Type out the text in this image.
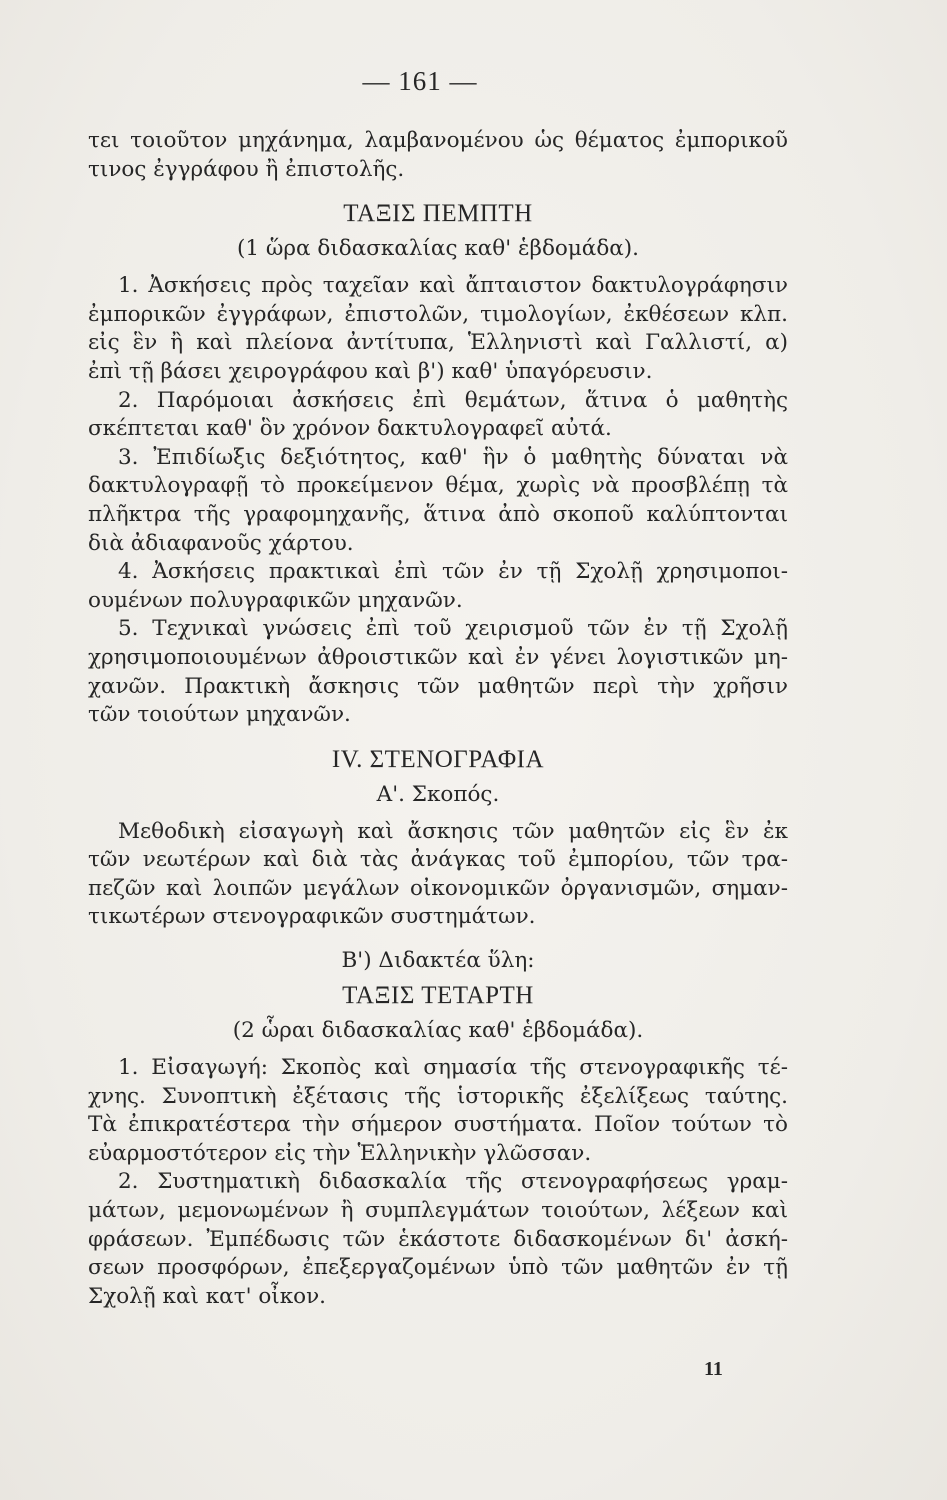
— 161 —
τει τοιοῦτον μηχάνημα, λαμβανομένου ὡς θέματος ἐμπορικοῦ
τινος ἐγγράφου ἢ ἐπιστολῆς.
ΤΑΞΙΣ ΠΕΜΠΤΗ
(1 ὥρα διδασκαλίας καθ' ἑβδομάδα).
1. Ἀσκήσεις πρὸς ταχεῖαν καὶ ἄπταιστον δακτυλογράφησιν
ἐμπορικῶν ἐγγράφων, ἐπιστολῶν, τιμολογίων, ἐκθέσεων κλπ.
εἰς ἓν ἢ καὶ πλείονα ἀντίτυπα, Ἑλληνιστὶ καὶ Γαλλιστί, α)
ἐπὶ τῇ βάσει χειρογράφου καὶ β') καθ' ὑπαγόρευσιν.
2. Παρόμοιαι ἀσκήσεις ἐπὶ θεμάτων, ἅτινα ὁ μαθητὴς
σκέπτεται καθ' ὃν χρόνον δακτυλογραφεῖ αὐτά.
3. Ἐπιδίωξις δεξιότητος, καθ' ἣν ὁ μαθητὴς δύναται νὰ
δακτυλογραφῇ τὸ προκείμενον θέμα, χωρὶς νὰ προσβλέπῃ τὰ
πλῆκτρα τῆς γραφομηχανῆς, ἅτινα ἀπὸ σκοποῦ καλύπτονται
διὰ ἀδιαφανοῦς χάρτου.
4. Ἀσκήσεις πρακτικαὶ ἐπὶ τῶν ἐν τῇ Σχολῇ χρησιμοποι-
ουμένων πολυγραφικῶν μηχανῶν.
5. Τεχνικαὶ γνώσεις ἐπὶ τοῦ χειρισμοῦ τῶν ἐν τῇ Σχολῇ
χρησιμοποιουμένων ἀθροιστικῶν καὶ ἐν γένει λογιστικῶν μη-
χανῶν. Πρακτικὴ ἄσκησις τῶν μαθητῶν περὶ τὴν χρῆσιν
τῶν τοιούτων μηχανῶν.
IV. ΣΤΕΝΟΓΡΑΦΙΑ
Α'. Σκοπός.
Μεθοδικὴ εἰσαγωγὴ καὶ ἄσκησις τῶν μαθητῶν εἰς ἓν ἐκ
τῶν νεωτέρων καὶ διὰ τὰς ἀνάγκας τοῦ ἐμπορίου, τῶν τρα-
πεζῶν καὶ λοιπῶν μεγάλων οἰκονομικῶν ὀργανισμῶν, σημαν-
τικωτέρων στενογραφικῶν συστημάτων.
Β') Διδακτέα ὕλη:
ΤΑΞΙΣ ΤΕΤΑΡΤΗ
(2 ὧραι διδασκαλίας καθ' ἑβδομάδα).
1. Εἰσαγωγή: Σκοπὸς καὶ σημασία τῆς στενογραφικῆς τέ-
χνης. Συνοπτικὴ ἐξέτασις τῆς ἱστορικῆς ἐξελίξεως ταύτης.
Τὰ ἐπικρατέστερα τὴν σήμερον συστήματα. Ποῖον τούτων τὸ
εὐαρμοστότερον εἰς τὴν Ἑλληνικὴν γλῶσσαν.
2. Συστηματικὴ διδασκαλία τῆς στενογραφήσεως γραμ-
μάτων, μεμονωμένων ἢ συμπλεγμάτων τοιούτων, λέξεων καὶ
φράσεων. Ἐμπέδωσις τῶν ἑκάστοτε διδασκομένων δι' ἀσκή-
σεων προσφόρων, ἐπεξεργαζομένων ὑπὸ τῶν μαθητῶν ἐν τῇ
Σχολῇ καὶ κατ' οἶκον.
11
